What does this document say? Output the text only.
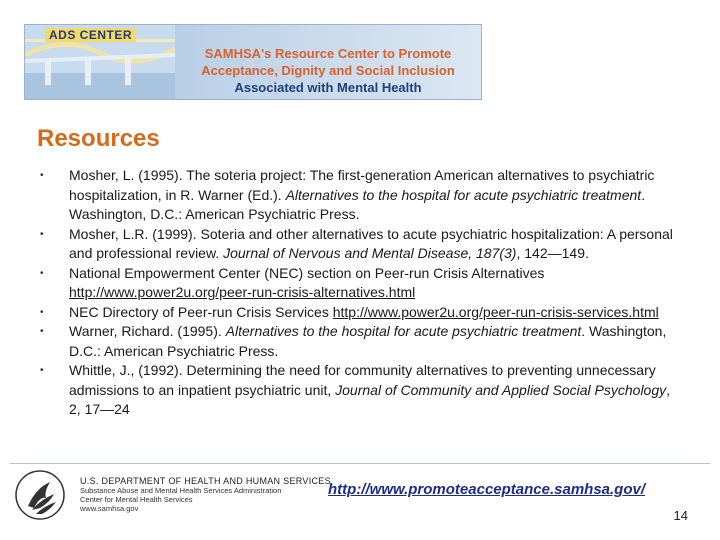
ADS CENTER
SAMHSA's Resource Center to Promote
Acceptance, Dignity and Social Inclusion
Associated with Mental Health
Resources
• Mosher, L. (1995). The soteria project: The first-generation American alternatives to psychiatric hospitalization, in R. Warner (Ed.). Alternatives to the hospital for acute psychiatric treatment. Washington, D.C.: American Psychiatric Press.
• Mosher, L.R. (1999). Soteria and other alternatives to acute psychiatric hospitalization: A personal and professional review. Journal of Nervous and Mental Disease, 187(3), 142—149.
• National Empowerment Center (NEC) section on Peer-run Crisis Alternatives http://www.power2u.org/peer-run-crisis-alternatives.html
• NEC Directory of Peer-run Crisis Services http://www.power2u.org/peer-run-crisis-services.html
• Warner, Richard. (1995). Alternatives to the hospital for acute psychiatric treatment. Washington, D.C.: American Psychiatric Press.
• Whittle, J., (1992). Determining the need for community alternatives to preventing unnecessary admissions to an inpatient psychiatric unit, Journal of Community and Applied Social Psychology, 2, 17—24
U.S. DEPARTMENT OF HEALTH AND HUMAN SERVICES
Substance Abuse and Mental Health Services Administration
Center for Mental Health Services
www.samhsa.gov
http://www.promoteacceptance.samhsa.gov/
14
